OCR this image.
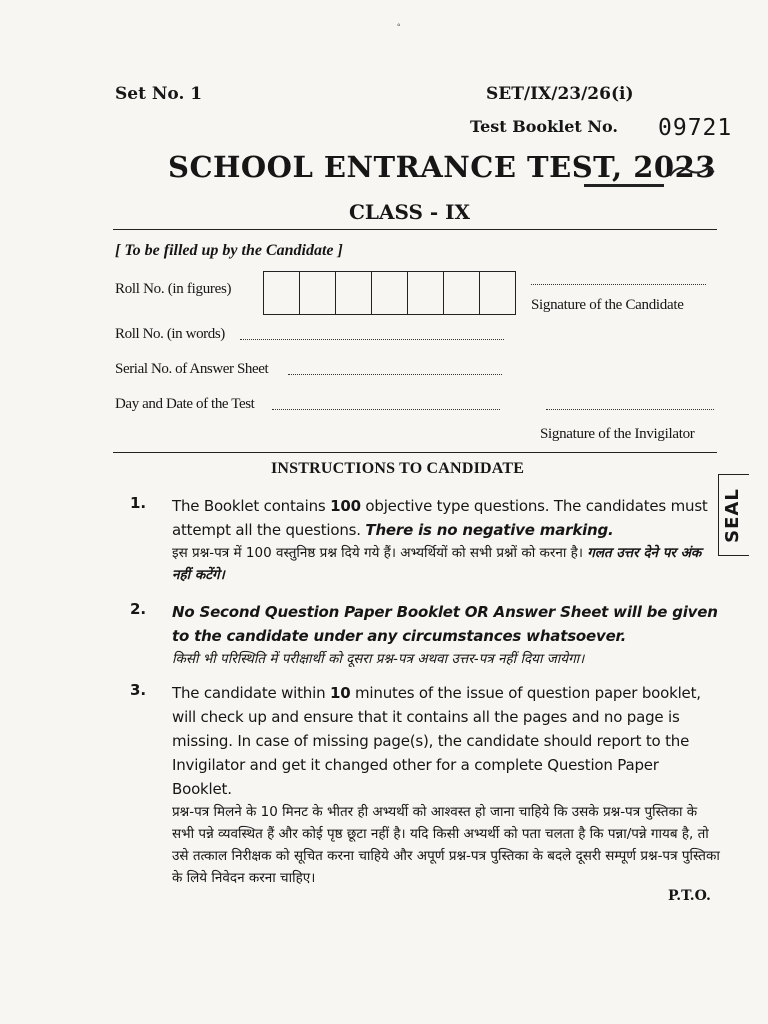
◦
Set No. 1	SET/IX/23/26(i)
Test Booklet No. 09721
SCHOOL ENTRANCE TEST, 2023
CLASS - IX
[ To be filled up by the Candidate ]
Roll No. (in figures)
Signature of the Candidate
Roll No. (in words)
Serial No. of Answer Sheet
Day and Date of the Test
Signature of the Invigilator
SEAL
INSTRUCTIONS TO CANDIDATE
1. The Booklet contains 100 objective type questions. The candidates must attempt all the questions. There is no negative marking.
इस प्रश्न-पत्र में 100 वस्तुनिष्ठ प्रश्न दिये गये हैं। अभ्यर्थियों को सभी प्रश्नों को करना है। गलत उत्तर देने पर अंक नहीं कटेंगे।
2. No Second Question Paper Booklet OR Answer Sheet will be given to the candidate under any circumstances whatsoever.
किसी भी परिस्थिति में परीक्षार्थी को दूसरा प्रश्न-पत्र अथवा उत्तर-पत्र नहीं दिया जायेगा।
3. The candidate within 10 minutes of the issue of question paper booklet, will check up and ensure that it contains all the pages and no page is missing. In case of missing page(s), the candidate should report to the Invigilator and get it changed other for a complete Question Paper Booklet.
प्रश्न-पत्र मिलने के 10 मिनट के भीतर ही अभ्यर्थी को आश्वस्त हो जाना चाहिये कि उसके प्रश्न-पत्र पुस्तिका के सभी पन्ने व्यवस्थित हैं और कोई पृष्ठ छूटा नहीं है। यदि किसी अभ्यर्थी को पता चलता है कि पन्ना/पन्ने गायब है, तो उसे तत्काल निरीक्षक को सूचित करना चाहिये और अपूर्ण प्रश्न-पत्र पुस्तिका के बदले दूसरी सम्पूर्ण प्रश्न-पत्र पुस्तिका के लिये निवेदन करना चाहिए।
P.T.O.
